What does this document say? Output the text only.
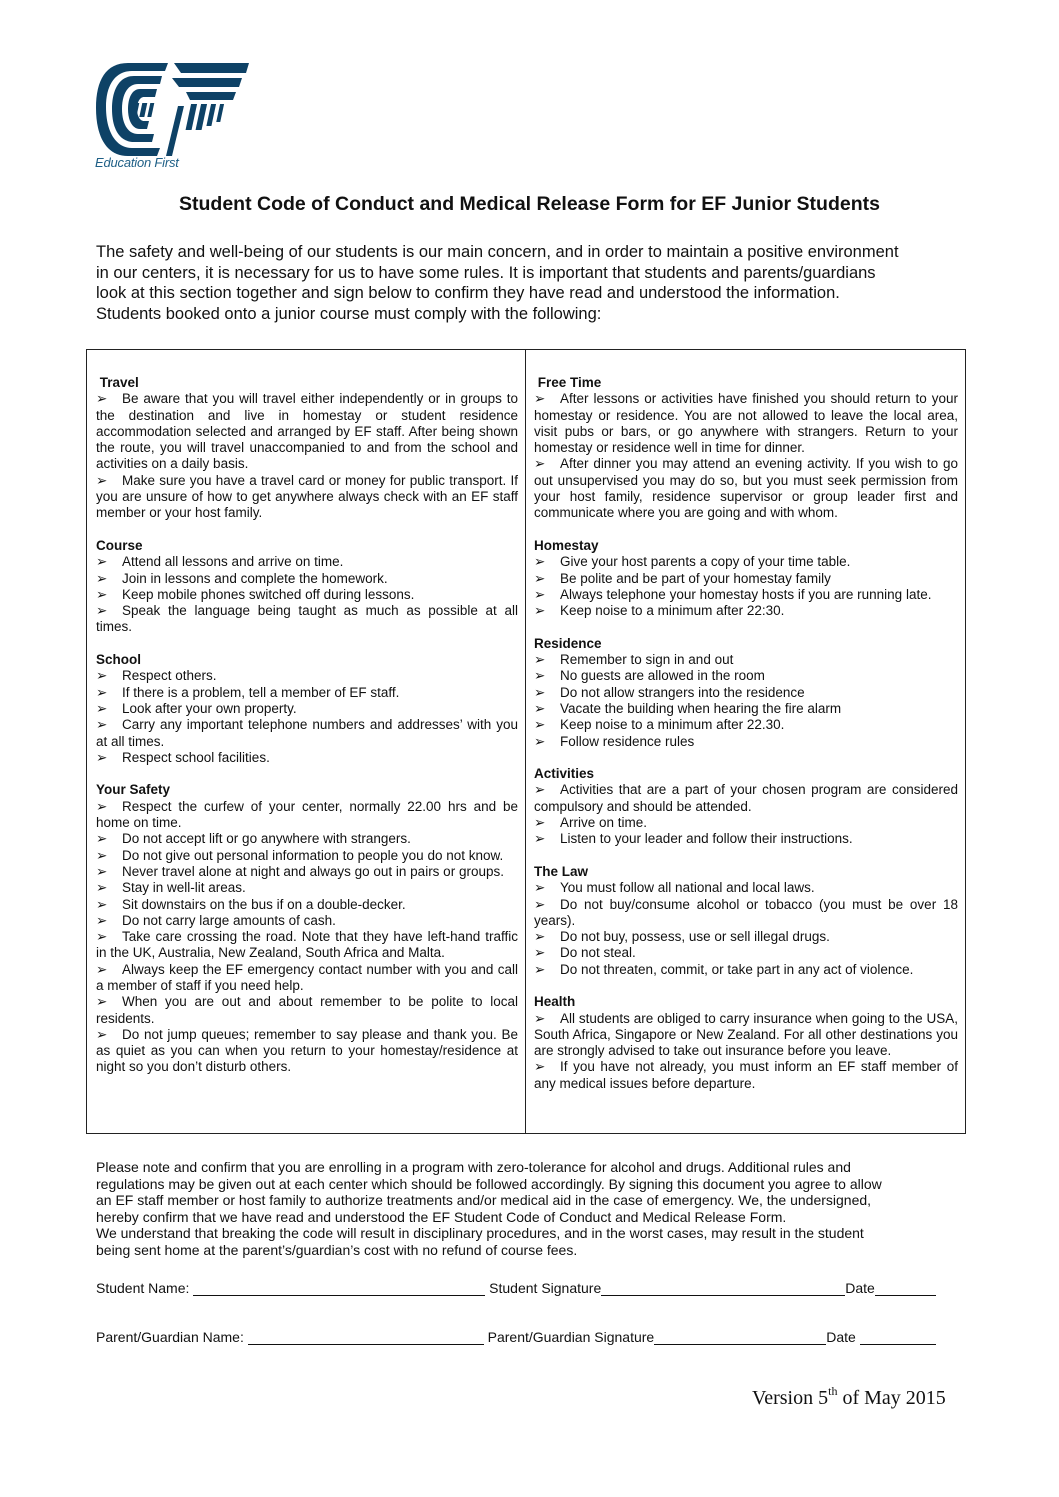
Education First
Student Code of Conduct and Medical Release Form for EF Junior Students
The safety and well-being of our students is our main concern, and in order to maintain a positive environment
in our centers, it is necessary for us to have some rules. It is important that students and parents/guardians
look at this section together and sign below to confirm they have read and understood the information.
Students booked onto a junior course must comply with the following:
Travel
➢ Be aware that you will travel either independently or in groups to the destination and live in homestay or student residence accommodation selected and arranged by EF staff. After being shown the route, you will travel unaccompanied to and from the school and activities on a daily basis.
➢ Make sure you have a travel card or money for public transport. If you are unsure of how to get anywhere always check with an EF staff member or your host family.
Course
➢ Attend all lessons and arrive on time.
➢ Join in lessons and complete the homework.
➢ Keep mobile phones switched off during lessons.
➢ Speak the language being taught as much as possible at all times.
School
➢ Respect others.
➢ If there is a problem, tell a member of EF staff.
➢ Look after your own property.
➢ Carry any important telephone numbers and addresses’ with you at all times.
➢ Respect school facilities.
Your Safety
➢ Respect the curfew of your center, normally 22.00 hrs and be home on time.
➢ Do not accept lift or go anywhere with strangers.
➢ Do not give out personal information to people you do not know.
➢ Never travel alone at night and always go out in pairs or groups.
➢ Stay in well-lit areas.
➢ Sit downstairs on the bus if on a double-decker.
➢ Do not carry large amounts of cash.
➢ Take care crossing the road. Note that they have left-hand traffic in the UK, Australia, New Zealand, South Africa and Malta.
➢ Always keep the EF emergency contact number with you and call a member of staff if you need help.
➢ When you are out and about remember to be polite to local residents.
➢ Do not jump queues; remember to say please and thank you. Be as quiet as you can when you return to your homestay/residence at night so you don’t disturb others.
Free Time
➢ After lessons or activities have finished you should return to your homestay or residence. You are not allowed to leave the local area, visit pubs or bars, or go anywhere with strangers. Return to your homestay or residence well in time for dinner.
➢ After dinner you may attend an evening activity. If you wish to go out unsupervised you may do so, but you must seek permission from your host family, residence supervisor or group leader first and communicate where you are going and with whom.
Homestay
➢ Give your host parents a copy of your time table.
➢ Be polite and be part of your homestay family
➢ Always telephone your homestay hosts if you are running late.
➢ Keep noise to a minimum after 22:30.
Residence
➢ Remember to sign in and out
➢ No guests are allowed in the room
➢ Do not allow strangers into the residence
➢ Vacate the building when hearing the fire alarm
➢ Keep noise to a minimum after 22.30.
➢ Follow residence rules
Activities
➢ Activities that are a part of your chosen program are considered compulsory and should be attended.
➢ Arrive on time.
➢ Listen to your leader and follow their instructions.
The Law
➢ You must follow all national and local laws.
➢ Do not buy/consume alcohol or tobacco (you must be over 18 years).
➢ Do not buy, possess, use or sell illegal drugs.
➢ Do not steal.
➢ Do not threaten, commit, or take part in any act of violence.
Health
➢ All students are obliged to carry insurance when going to the USA, South Africa, Singapore or New Zealand. For all other destinations you are strongly advised to take out insurance before you leave.
➢ If you have not already, you must inform an EF staff member of any medical issues before departure.
Please note and confirm that you are enrolling in a program with zero-tolerance for alcohol and drugs. Additional rules and
regulations may be given out at each center which should be followed accordingly. By signing this document you agree to allow
an EF staff member or host family to authorize treatments and/or medical aid in the case of emergency. We, the undersigned,
hereby confirm that we have read and understood the EF Student Code of Conduct and Medical Release Form.
We understand that breaking the code will result in disciplinary procedures, and in the worst cases, may result in the student
being sent home at the parent’s/guardian’s cost with no refund of course fees.
Student Name:	Student Signature	Date
Parent/Guardian Name:	Parent/Guardian Signature	Date
Version 5th of May 2015
